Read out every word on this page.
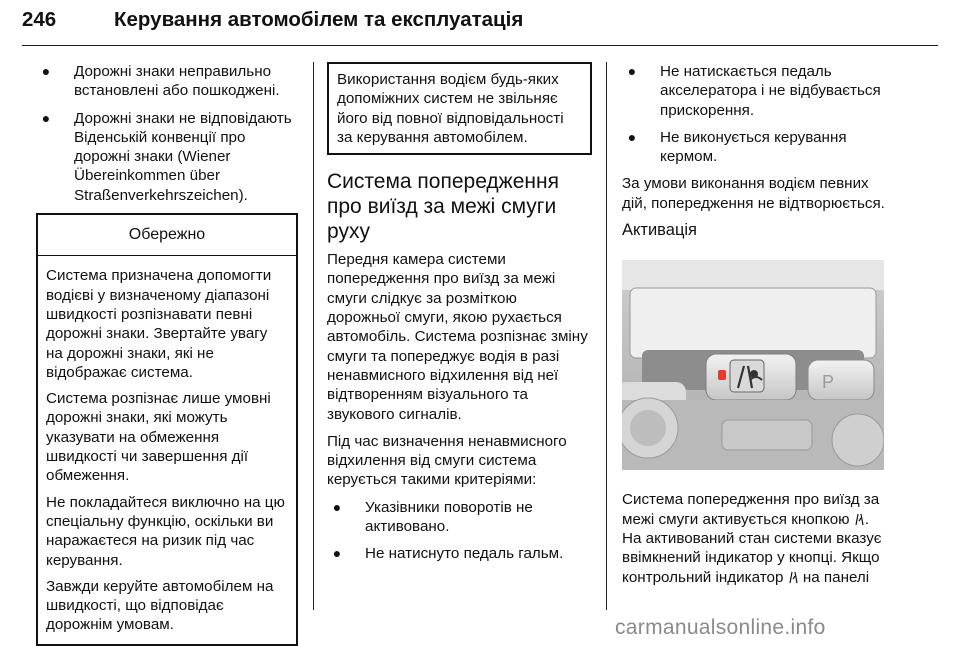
246	Керування автомобілем та експлуатація
●	Дорожні знаки неправильно встановлені або пошкоджені.
●	Дорожні знаки не відповідають Віденській конвенції про дорожні знаки (Wiener Übereinkommen über Straßenverkehrszeichen).
Обережно

Система призначена допомогти водієві у визначеному діапазоні швидкості розпізнавати певні дорожні знаки. Звертайте увагу на дорожні знаки, які не відображає система.

Система розпізнає лише умовні дорожні знаки, які можуть указувати на обмеження швидкості чи завершення дії обмеження.

Не покладайтеся виключно на цю спеціальну функцію, оскільки ви наражаєтеся на ризик під час керування.

Завжди керуйте автомобілем на швидкості, що відповідає дорожнім умовам.

Використання водієм будь-яких допоміжних систем не звільняє його від повної відповідальності за керування автомобілем.
Система попередження про виїзд за межі смуги руху

Передня камера системи попередження про виїзд за межі смуги слідкує за розміткою дорожньої смуги, якою рухається автомобіль. Система розпізнає зміну смуги та попереджує водія в разі ненавмисного відхилення від неї відтворенням візуального та звукового сигналів.

Під час визначення ненавмисного відхилення від смуги система керується такими критеріями:

●	Указівники поворотів не активовано.
●	Не натиснуто педаль гальм.
●	Не натискається педаль акселератора і не відбувається прискорення.
●	Не виконується керування кермом.

За умови виконання водієм певних дій, попередження не відтворюється.

Активація
P

Система попередження про виїзд за межі смуги активується кнопкою . На активований стан системи вказує ввімкнений індикатор у кнопці. Якщо контрольний індикатор на панелі

carmanualsonline.info
